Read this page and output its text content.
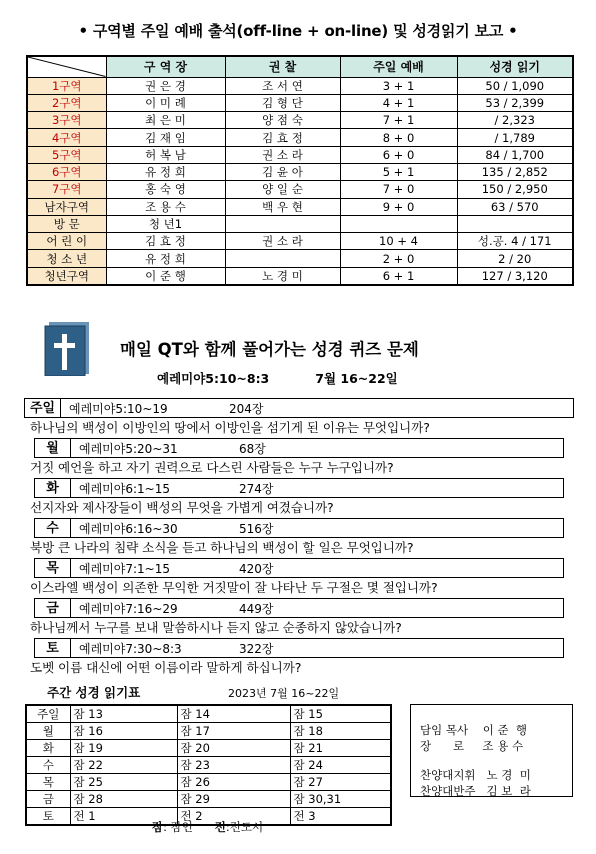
• 구역별 주일 예배 출석(off-line + on-line) 및 성경읽기 보고 •
	구 역 장	권 찰	주일 예배	성경 읽기
1구역	권 은 경	조 서 연	3 + 1	50 / 1,090
2구역	이 미 례	김 형 단	4 + 1	53 / 2,399
3구역	최 은 미	양 점 숙	7 + 1	/ 2,323
4구역	김 재 임	김 효 정	8 + 0	/ 1,789
5구역	허 복 남	권 소 라	6 + 0	84 / 1,700
6구역	유 정 희	김 윤 아	5 + 1	135 / 2,852
7구역	홍 숙 영	양 일 순	7 + 0	150 / 2,950
남자구역	조 용 수	백 우 현	9 + 0	63 / 570
방 문	청 년1			
어 린 이	김 효 정	권 소 라	10 + 4	성.공. 4 / 171
청 소 년	유 정 희		2 + 0	2 / 20
청년구역	이 준 행	노 경 미	6 + 1	127 / 3,120
매일 QT와 함께 풀어가는 성경 퀴즈 문제
예레미야5:10~8:3	7월 16~22일
주일	예레미야5:10~19	204장
하나님의 백성이 이방인의 땅에서 이방인을 섬기게 된 이유는 무엇입니까?
월	예레미야5:20~31	68장
거짓 예언을 하고 자기 권력으로 다스린 사람들은 누구 누구입니까?
화	예레미야6:1~15	274장
선지자와 제사장들이 백성의 무엇을 가볍게 여겼습니까?
수	예레미야6:16~30	516장
북방 큰 나라의 침략 소식을 듣고 하나님의 백성이 할 일은 무엇입니까?
목	예레미야7:1~15	420장
이스라엘 백성이 의존한 무익한 거짓말이 잘 나타난 두 구절은 몇 절입니까?
금	예레미야7:16~29	449장
하나님께서 누구를 보내 말씀하시나 듣지 않고 순종하지 않았습니까?
토	예레미야7:30~8:3	322장
도벳 이름 대신에 어떤 이름이라 말하게 하십니까?
주간 성경 읽기표	2023년 7월 16~22일
주일	잠 13	잠 14	잠 15
월	잠 16	잠 17	잠 18
화	잠 19	잠 20	잠 21
수	잠 22	잠 23	잠 24
목	잠 25	잠 26	잠 27
금	잠 28	잠 29	잠 30,31
토	전 1	전 2	전 3
담임 목사    이 준  행
장      로     조 용 수
찬양대지휘   노 경  미
찬양대반주   김 보  라
잠: 잠언 전:전도서
